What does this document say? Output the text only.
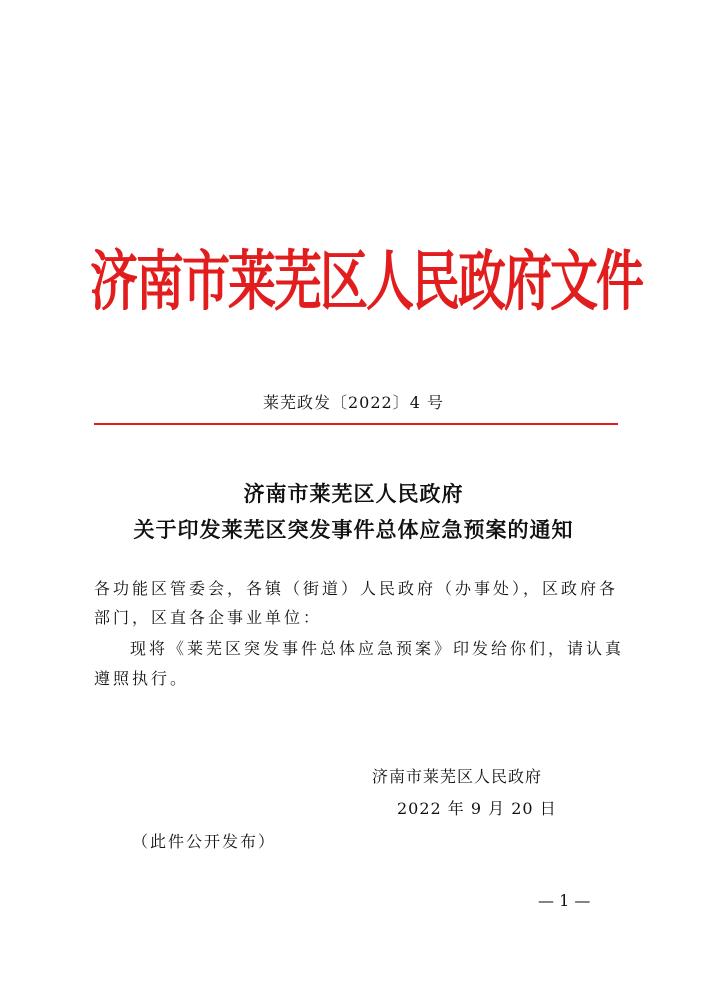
济南市莱芜区人民政府文件
莱芜政发〔2022〕4 号
济南市莱芜区人民政府
关于印发莱芜区突发事件总体应急预案的通知
各功能区管委会，各镇（街道）人民政府（办事处），区政府各
部门，区直各企事业单位：
现将《莱芜区突发事件总体应急预案》印发给你们，请认真
遵照执行。
济南市莱芜区人民政府
2022 年 9 月 20 日
（此件公开发布）
— 1 —
